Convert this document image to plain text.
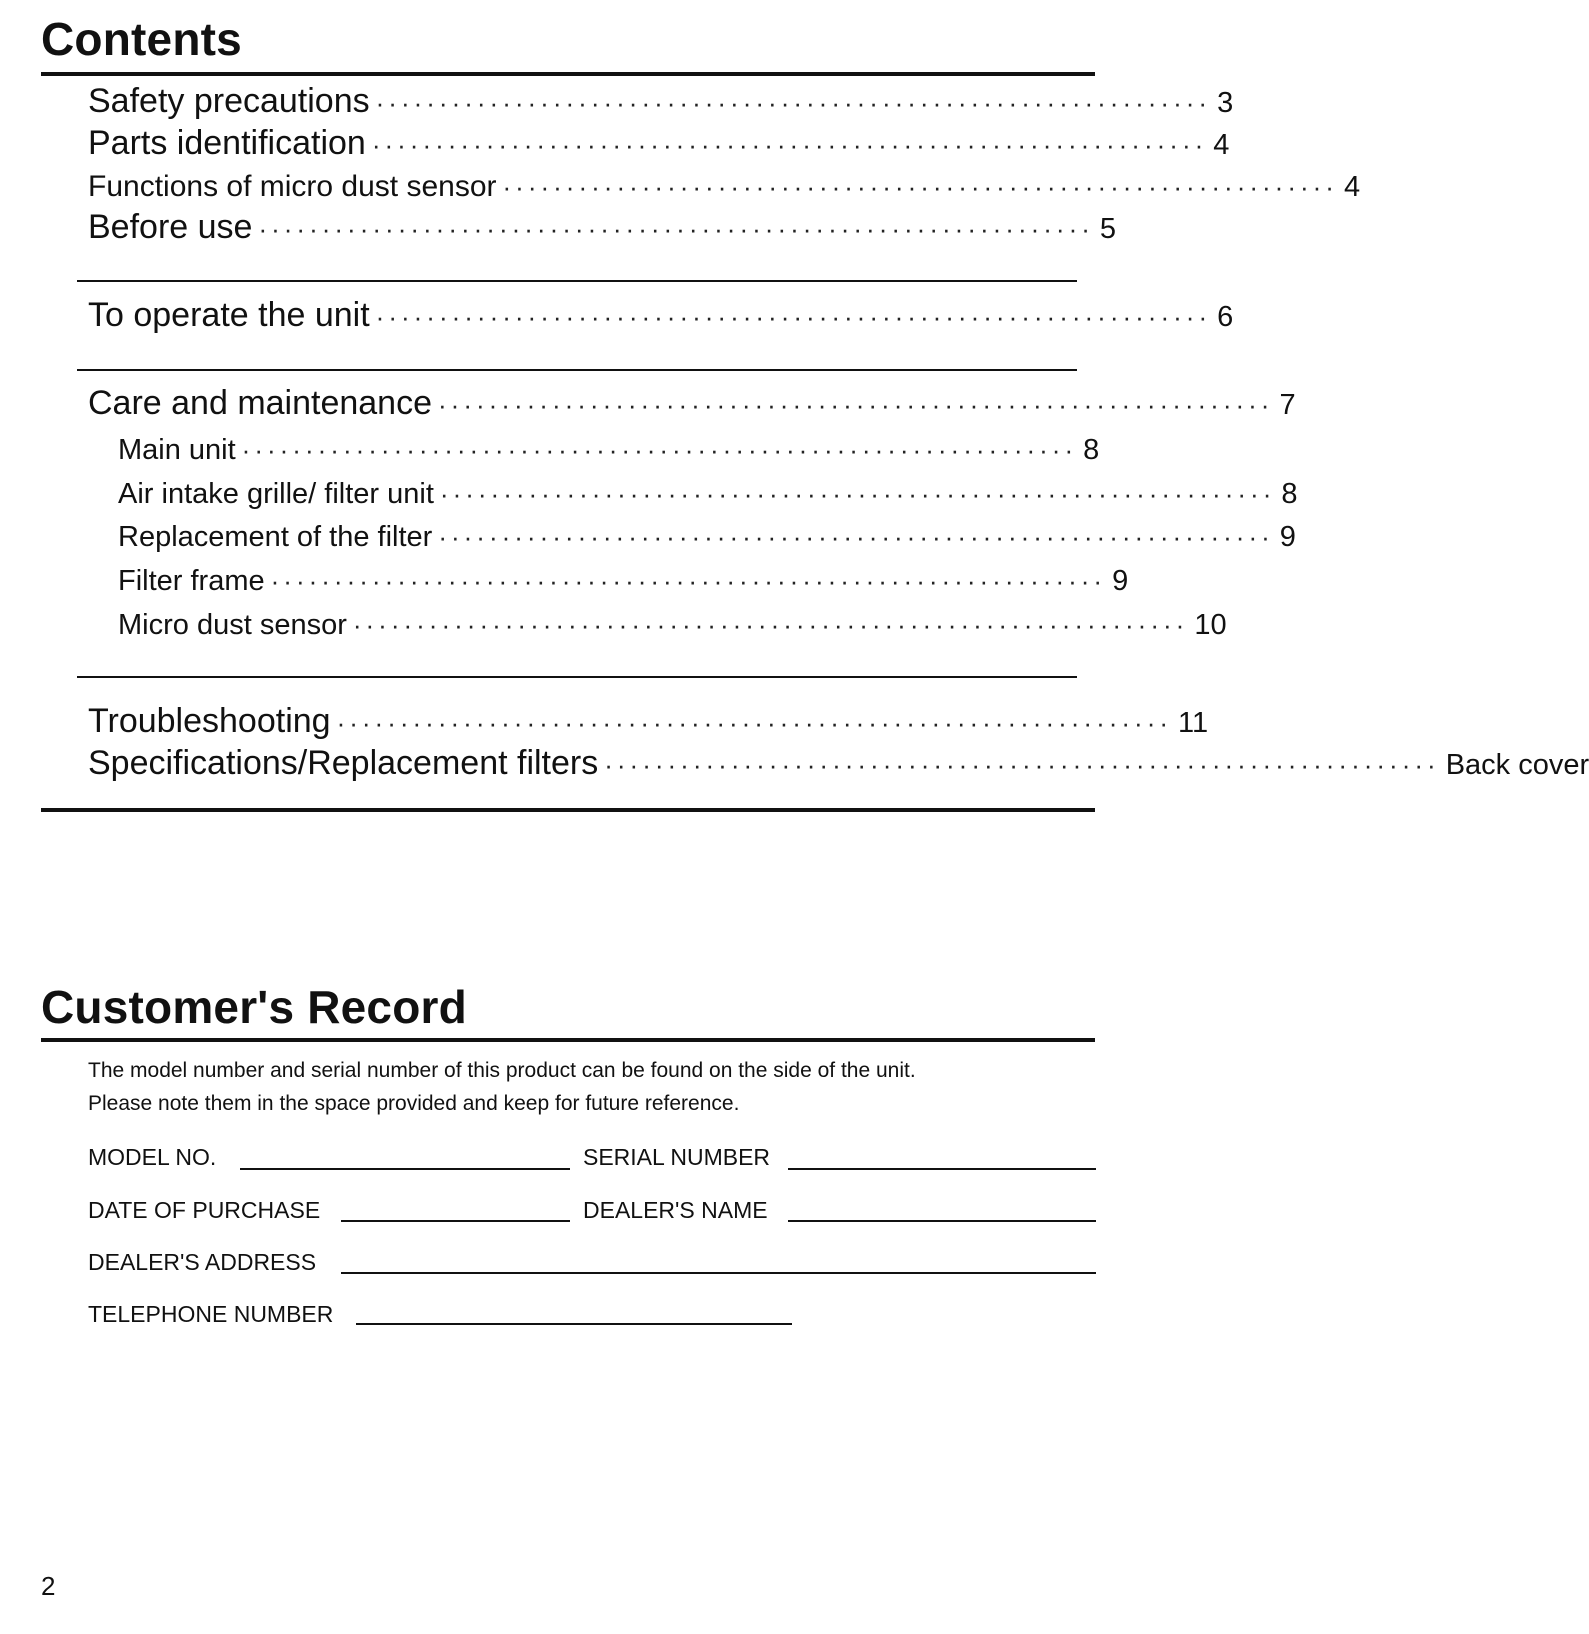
Contents
Safety precautions ·································································· 3
Parts identification ·································································· 4
Functions of micro dust sensor ·································································· 4
Before use ·································································· 5
To operate the unit ·································································· 6
Care and maintenance ·································································· 7
Main unit ·································································· 8
Air intake grille/ filter unit ·································································· 8
Replacement of the filter ·································································· 9
Filter frame ·································································· 9
Micro dust sensor ·································································· 10
Troubleshooting ·································································· 11
Specifications/Replacement filters ·································································· Back cover
Customer's Record

The model number and serial number of this product can be found on the side of the unit.

Please note them in the space provided and keep for future reference.

MODEL NO.	SERIAL NUMBER
DATE OF PURCHASE	DEALER'S NAME
DEALER'S ADDRESS
TELEPHONE NUMBER
2
